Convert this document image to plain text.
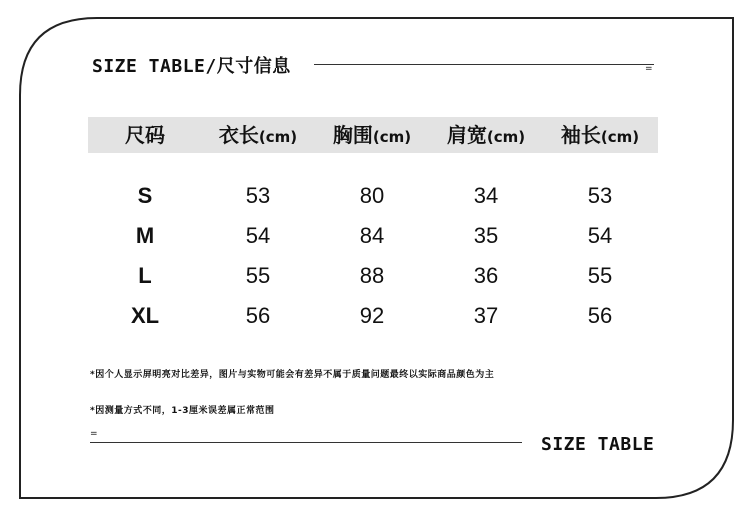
SIZE TABLE/尺寸信息	=
尺码	衣长(cm) 胸围(cm) 肩宽(cm) 袖长(cm)
S	53	80	34	53
M	54	84	35	54
L	55	88	36	55
XL	56	92	37	56
*因个人显示屏明亮对比差异，图片与实物可能会有差异不属于质量问题最终以实际商品颜色为主
*因测量方式不同，1-3厘米误差属正常范围
=	SIZE TABLE
